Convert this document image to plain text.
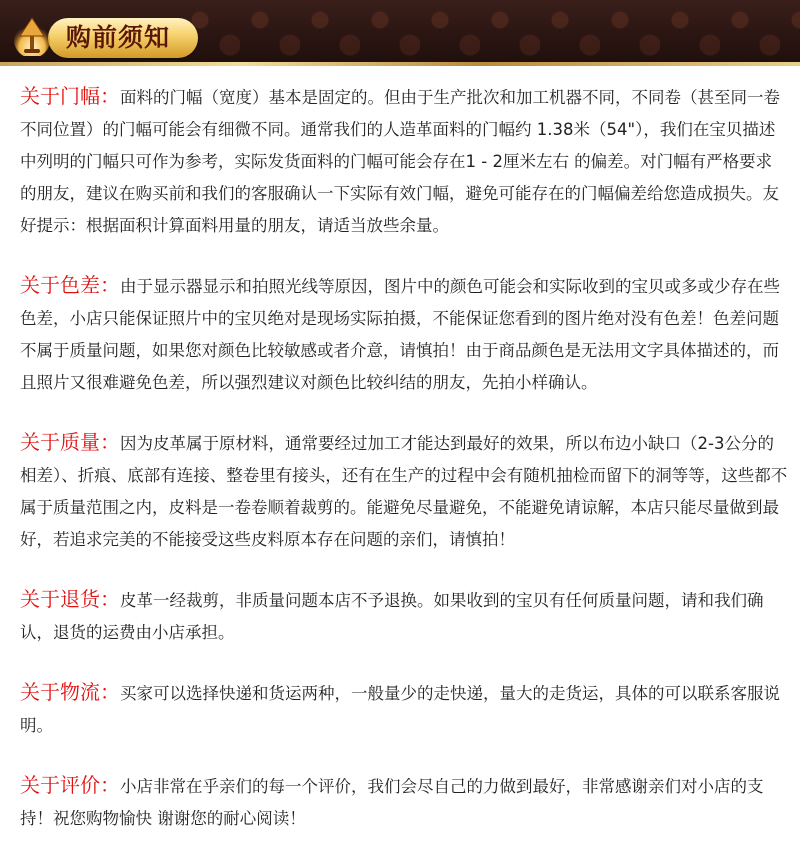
购前须知
关于门幅：面料的门幅（宽度）基本是固定的。但由于生产批次和加工机器不同，不同卷（甚至同一卷不同位置）的门幅可能会有细微不同。通常我们的人造革面料的门幅约 1.38米（54"），我们在宝贝描述中列明的门幅只可作为参考，实际发货面料的门幅可能会存在1 - 2厘米左右 的偏差。对门幅有严格要求的朋友，建议在购买前和我们的客服确认一下实际有效门幅，避免可能存在的门幅偏差给您造成损失。友好提示：根据面积计算面料用量的朋友，请适当放些余量。
关于色差：由于显示器显示和拍照光线等原因，图片中的颜色可能会和实际收到的宝贝或多或少存在些色差，小店只能保证照片中的宝贝绝对是现场实际拍摄，不能保证您看到的图片绝对没有色差！色差问题不属于质量问题，如果您对颜色比较敏感或者介意，请慎拍！由于商品颜色是无法用文字具体描述的，而且照片又很难避免色差，所以强烈建议对颜色比较纠结的朋友，先拍小样确认。
关于质量：因为皮革属于原材料，通常要经过加工才能达到最好的效果，所以布边小缺口（2-3公分的相差）、折痕、底部有连接、整卷里有接头，还有在生产的过程中会有随机抽检而留下的洞等等，这些都不属于质量范围之内，皮料是一卷卷顺着裁剪的。能避免尽量避免，不能避免请谅解，本店只能尽量做到最好，若追求完美的不能接受这些皮料原本存在问题的亲们，请慎拍！
关于退货：皮革一经裁剪，非质量问题本店不予退换。如果收到的宝贝有任何质量问题，请和我们确认，退货的运费由小店承担。
关于物流：买家可以选择快递和货运两种，一般量少的走快递，量大的走货运，具体的可以联系客服说明。
关于评价：小店非常在乎亲们的每一个评价，我们会尽自己的力做到最好，非常感谢亲们对小店的支持！祝您购物愉快 谢谢您的耐心阅读！
